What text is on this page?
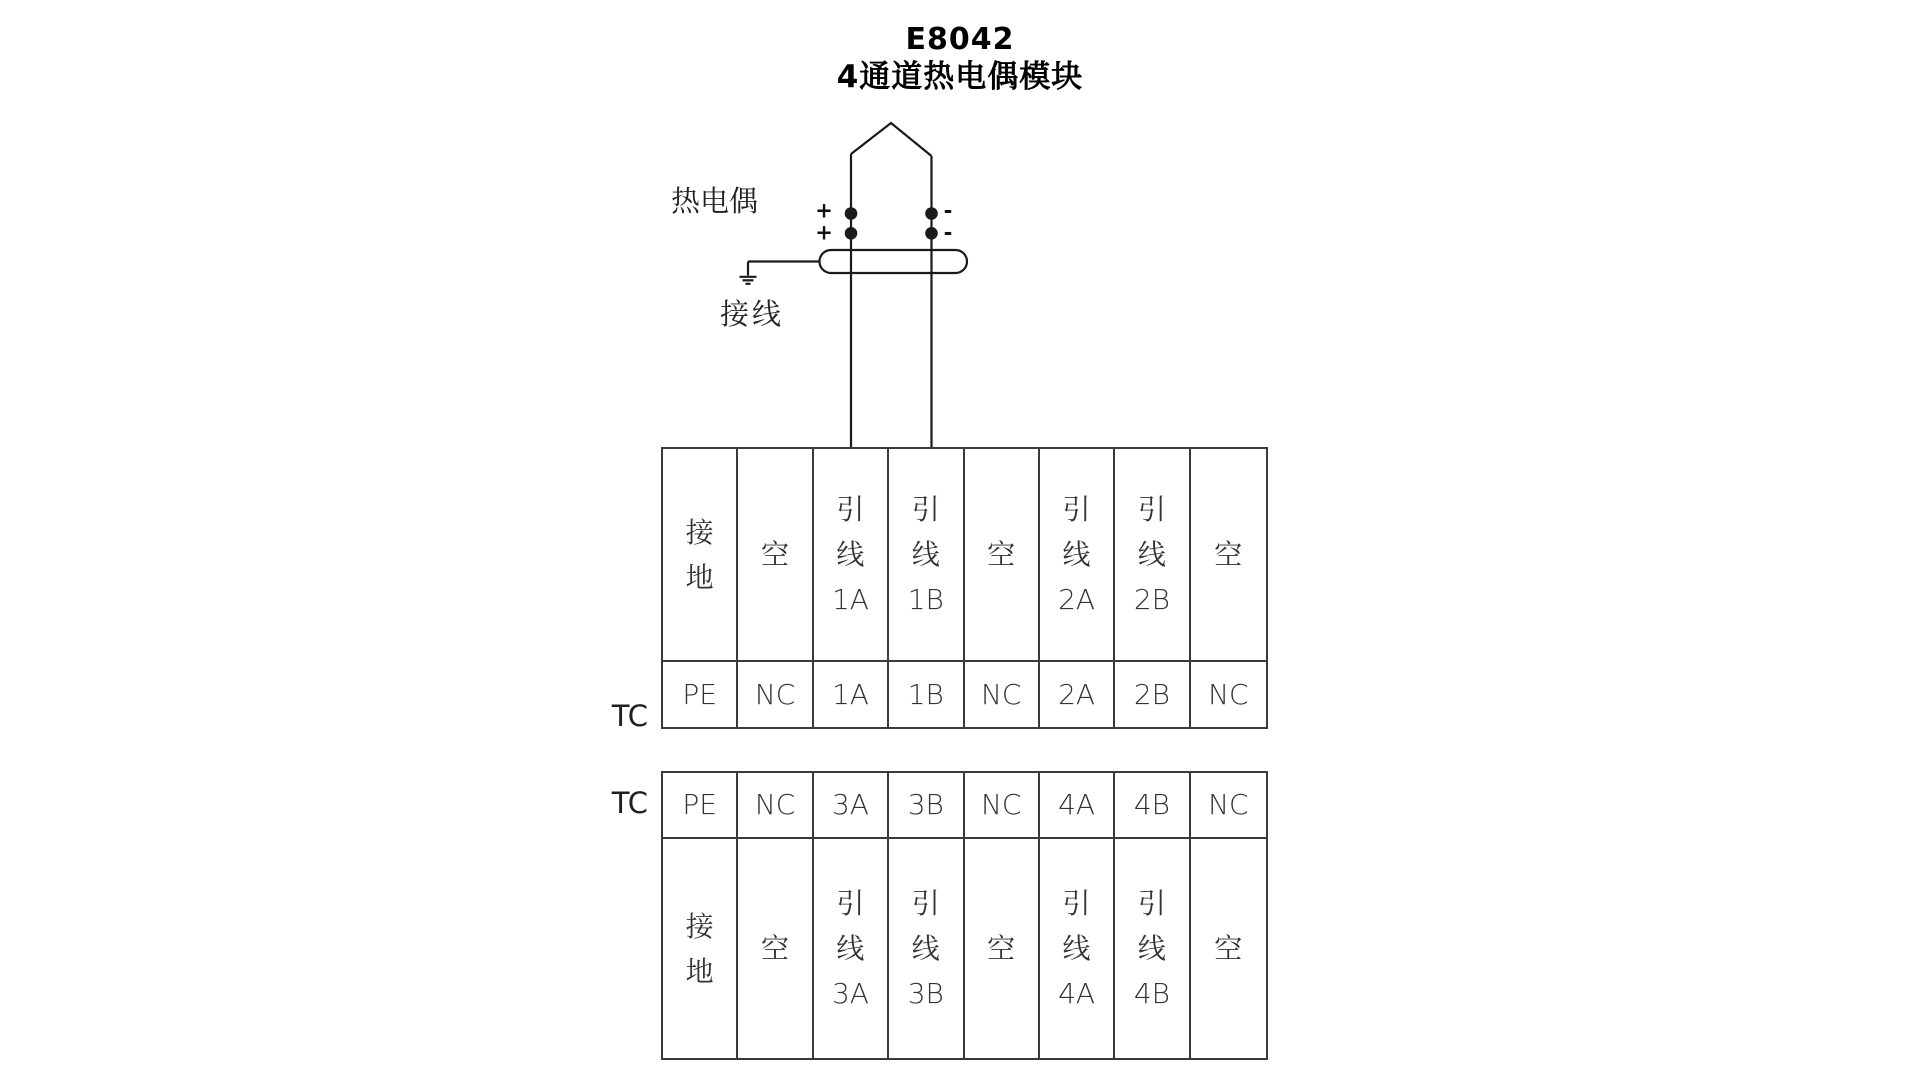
E8042
4通道热电偶模块
热电偶
接线
+
+
-
-
TC
TC
接
地
空
引
线
1A
引
线
1B
空
引
线
2A
引
线
2B
空
PE NC 1A 1B NC 2A 2B NC
PE NC 3A 3B NC 4A 4B NC
接
地
空
引
线
3A
引
线
3B
空
引
线
4A
引
线
4B
空
